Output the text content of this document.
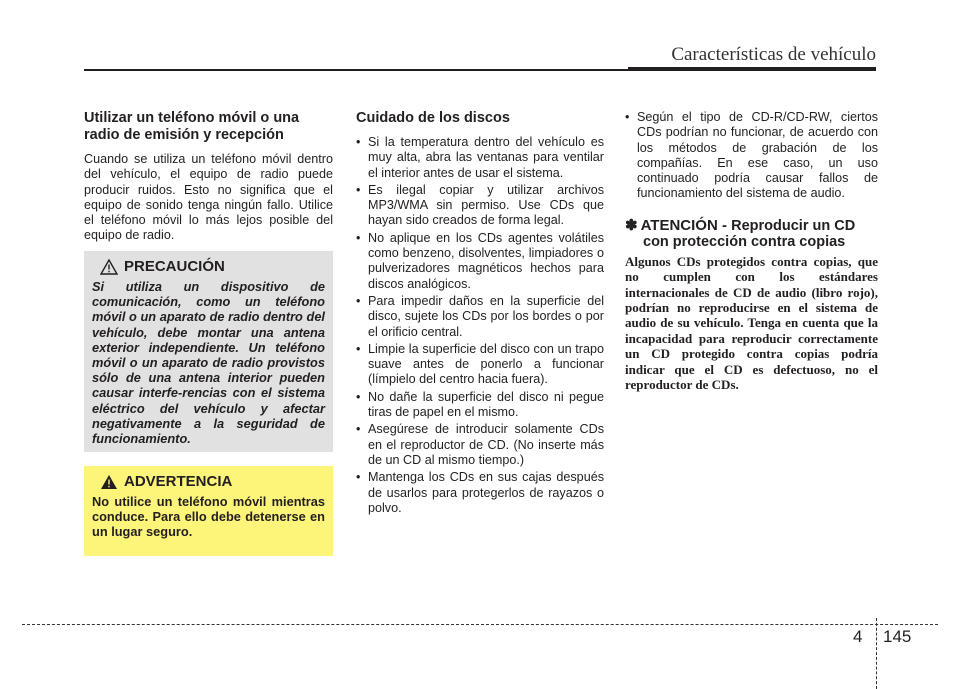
Características de vehículo
Utilizar un teléfono móvil o una radio de emisión y recepción

Cuando se utiliza un teléfono móvil dentro del vehículo, el equipo de radio puede producir ruidos. Esto no significa que el equipo de sonido tenga ningún fallo. Utilice el teléfono móvil lo más lejos posible del equipo de radio.

PRECAUCIÓN
Si utiliza un dispositivo de comunicación, como un teléfono móvil o un aparato de radio dentro del vehículo, debe montar una antena exterior independiente. Un teléfono móvil o un aparato de radio provistos sólo de una antena interior pueden causar interfe-rencias con el sistema eléctrico del vehículo y afectar negativamente a la seguridad de funcionamiento.
ADVERTENCIA
No utilice un teléfono móvil mientras conduce. Para ello debe detenerse en un lugar seguro.
Cuidado de los discos
• Si la temperatura dentro del vehículo es muy alta, abra las ventanas para ventilar el interior antes de usar el sistema.
• Es ilegal copiar y utilizar archivos MP3/WMA sin permiso. Use CDs que hayan sido creados de forma legal.
• No aplique en los CDs agentes volátiles como benzeno, disolventes, limpiadores o pulverizadores magnéticos hechos para discos analógicos.
• Para impedir daños en la superficie del disco, sujete los CDs por los bordes o por el orificio central.
• Limpie la superficie del disco con un trapo suave antes de ponerlo a funcionar (límpielo del centro hacia fuera).
• No dañe la superficie del disco ni pegue tiras de papel en el mismo.
• Asegúrese de introducir solamente CDs en el reproductor de CD. (No inserte más de un CD al mismo tiempo.)
• Mantenga los CDs en sus cajas después de usarlos para protegerlos de rayazos o polvo.
• Según el tipo de CD-R/CD-RW, ciertos CDs podrían no funcionar, de acuerdo con los métodos de grabación de los compañías. En ese caso, un uso continuado podría causar fallos de funcionamiento del sistema de audio.
✽ ATENCIÓN - Reproducir un CD con protección contra copias

Algunos CDs protegidos contra copias, que no cumplen con los estándares internacionales de CD de audio (libro rojo), podrían no reproducirse en el sistema de audio de su vehículo. Tenga en cuenta que la incapacidad para reproducir correctamente un CD protegido contra copias podría indicar que el CD es defectuoso, no el reproductor de CDs.

4 145
